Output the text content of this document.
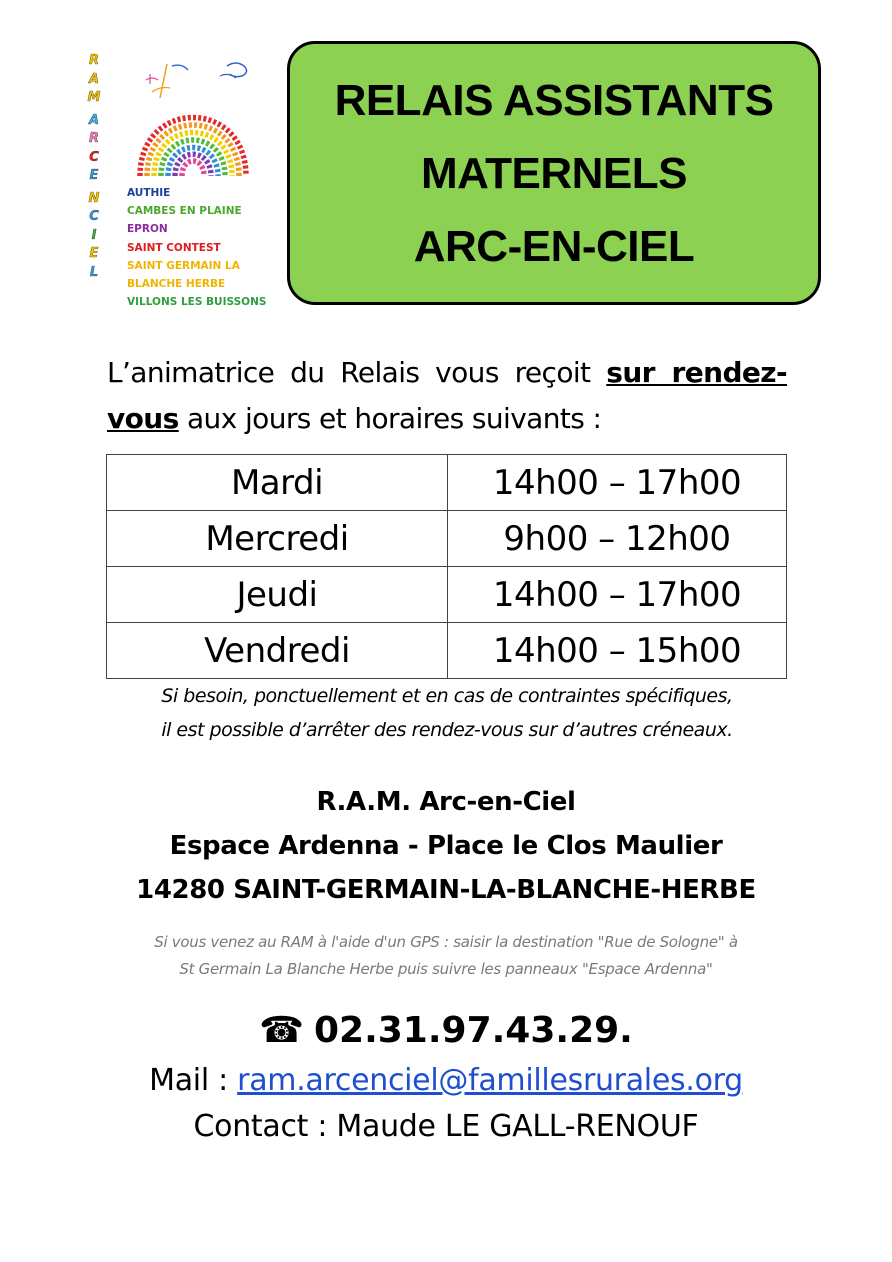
R
A
M
A
R
C
E
N
C
I
E
L
AUTHIE
CAMBES EN PLAINE
EPRON
SAINT CONTEST
SAINT GERMAIN LA
BLANCHE HERBE
VILLONS LES BUISSONS
RELAIS ASSISTANTS
MATERNELS
ARC-EN-CIEL
L’animatrice du Relais vous reçoit sur rendez-vous aux jours et horaires suivants :
Mardi	14h00 – 17h00
Mercredi	9h00 – 12h00
Jeudi	14h00 – 17h00
Vendredi	14h00 – 15h00
Si besoin, ponctuellement et en cas de contraintes spécifiques,
il est possible d’arrêter des rendez-vous sur d’autres créneaux.
R.A.M. Arc-en-Ciel
Espace Ardenna - Place le Clos Maulier
14280 SAINT-GERMAIN-LA-BLANCHE-HERBE
Si vous venez au RAM à l'aide d'un GPS : saisir la destination "Rue de Sologne" à
St Germain La Blanche Herbe puis suivre les panneaux "Espace Ardenna"
☎ 02.31.97.43.29.
Mail : ram.arcenciel@famillesrurales.org
Contact : Maude LE GALL-RENOUF
